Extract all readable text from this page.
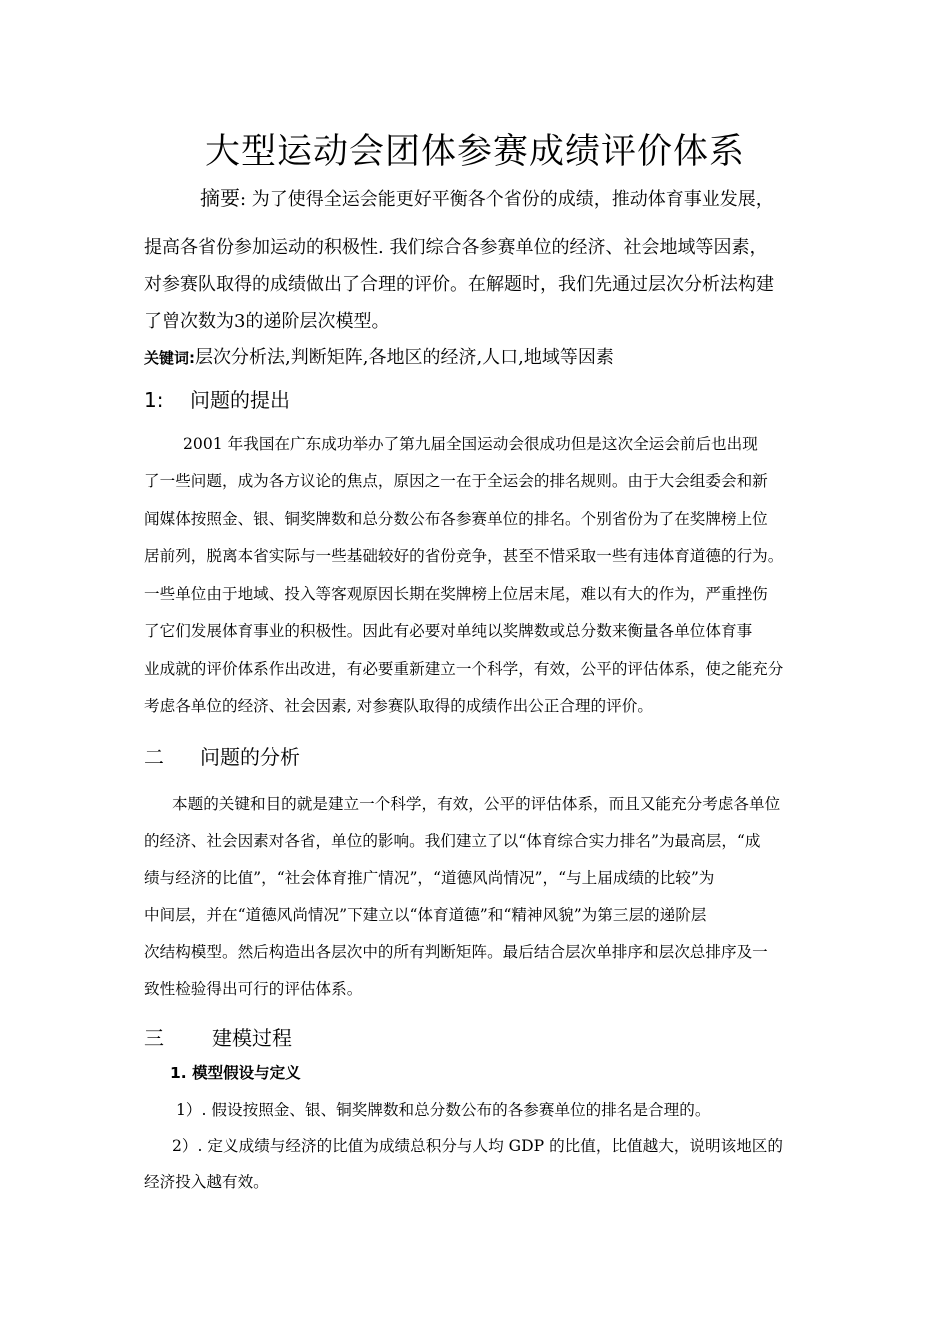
大型运动会团体参赛成绩评价体系
摘要: 为了使得全运会能更好平衡各个省份的成绩，推动体育事业发展，
提高各省份参加运动的积极性. 我们综合各参赛单位的经济、社会地域等因素，
对参赛队取得的成绩做出了合理的评价。在解题时，我们先通过层次分析法构建
了曾次数为3的递阶层次模型。
关键词:层次分析法,判断矩阵,各地区的经济,人口,地域等因素
1: 问题的提出
2001 年我国在广东成功举办了第九届全国运动会很成功但是这次全运会前后也出现
了一些问题，成为各方议论的焦点，原因之一在于全运会的排名规则。由于大会组委会和新
闻媒体按照金、银、铜奖牌数和总分数公布各参赛单位的排名。个别省份为了在奖牌榜上位
居前列，脱离本省实际与一些基础较好的省份竞争，甚至不惜采取一些有违体育道德的行为。
一些单位由于地域、投入等客观原因长期在奖牌榜上位居末尾，难以有大的作为，严重挫伤
了它们发展体育事业的积极性。因此有必要对单纯以奖牌数或总分数来衡量各单位体育事
业成就的评价体系作出改进，有必要重新建立一个科学，有效，公平的评估体系，使之能充分
考虑各单位的经济、社会因素, 对参赛队取得的成绩作出公正合理的评价。
二 问题的分析
本题的关键和目的就是建立一个科学，有效，公平的评估体系，而且又能充分考虑各单位
的经济、社会因素对各省，单位的影响。我们建立了以“体育综合实力排名”为最高层，“成
绩与经济的比值”，“社会体育推广情况”，“道德风尚情况”，“与上届成绩的比较”为
中间层，并在“道德风尚情况”下建立以“体育道德”和“精神风貌”为第三层的递阶层
次结构模型。然后构造出各层次中的所有判断矩阵。最后结合层次单排序和层次总排序及一
致性检验得出可行的评估体系。
三 建模过程
1. 模型假设与定义
1）. 假设按照金、银、铜奖牌数和总分数公布的各参赛单位的排名是合理的。
2）. 定义成绩与经济的比值为成绩总积分与人均 GDP 的比值，比值越大，说明该地区的
经济投入越有效。
